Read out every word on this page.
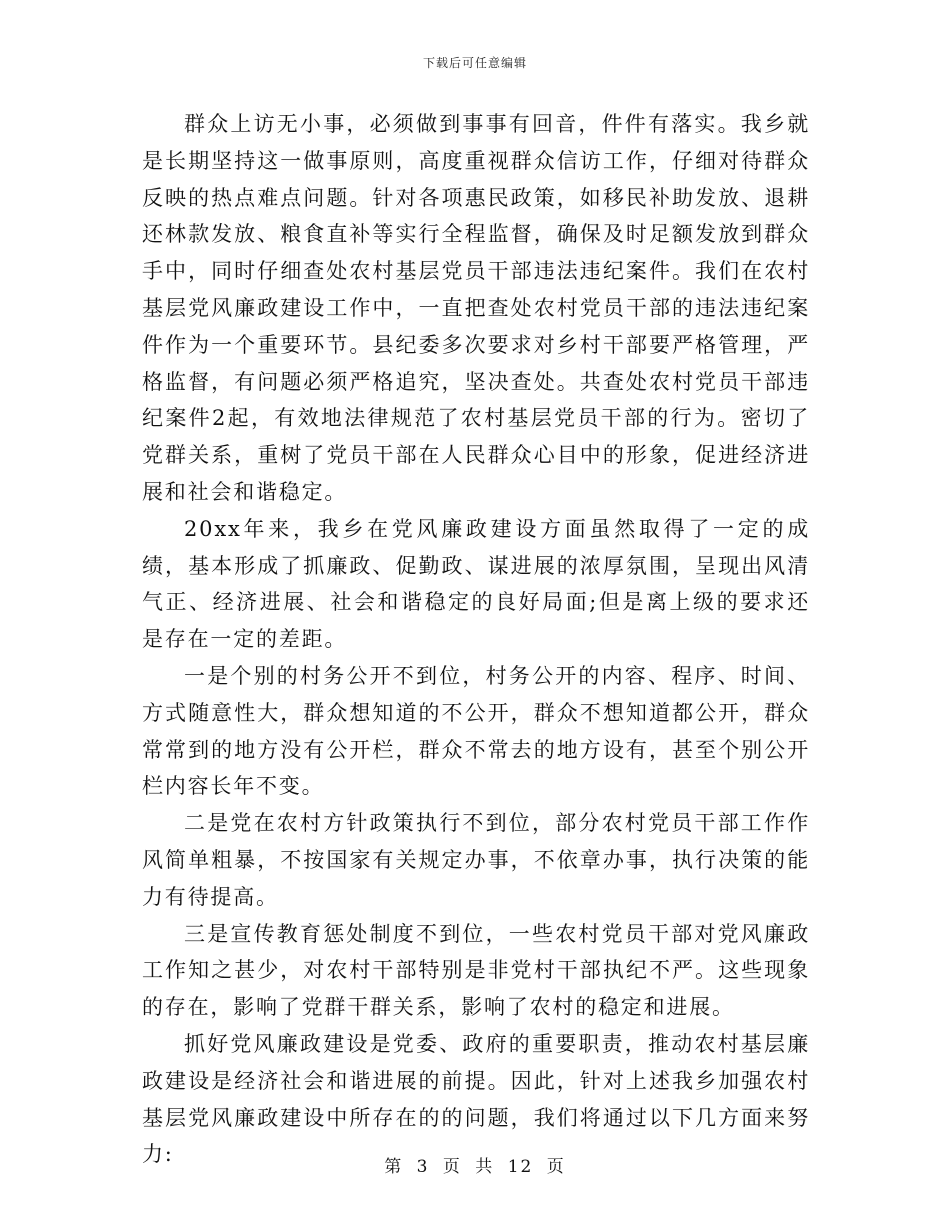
下载后可任意编辑

群众上访无小事，必须做到事事有回音，件件有落实。我乡就是长期坚持这一做事原则，高度重视群众信访工作，仔细对待群众反映的热点难点问题。针对各项惠民政策，如移民补助发放、退耕还林款发放、粮食直补等实行全程监督，确保及时足额发放到群众手中，同时仔细查处农村基层党员干部违法违纪案件。我们在农村基层党风廉政建设工作中，一直把查处农村党员干部的违法违纪案件作为一个重要环节。县纪委多次要求对乡村干部要严格管理，严格监督，有问题必须严格追究，坚决查处。共查处农村党员干部违纪案件2起，有效地法律规范了农村基层党员干部的行为。密切了党群关系，重树了党员干部在人民群众心目中的形象，促进经济进展和社会和谐稳定。

20xx年来，我乡在党风廉政建设方面虽然取得了一定的成绩，基本形成了抓廉政、促勤政、谋进展的浓厚氛围，呈现出风清气正、经济进展、社会和谐稳定的良好局面;但是离上级的要求还是存在一定的差距。

一是个别的村务公开不到位，村务公开的内容、程序、时间、方式随意性大，群众想知道的不公开，群众不想知道都公开，群众常常到的地方没有公开栏，群众不常去的地方设有，甚至个别公开栏内容长年不变。

二是党在农村方针政策执行不到位，部分农村党员干部工作作风简单粗暴，不按国家有关规定办事，不依章办事，执行决策的能力有待提高。

三是宣传教育惩处制度不到位，一些农村党员干部对党风廉政工作知之甚少，对农村干部特别是非党村干部执纪不严。这些现象的存在，影响了党群干群关系，影响了农村的稳定和进展。

抓好党风廉政建设是党委、政府的重要职责，推动农村基层廉政建设是经济社会和谐进展的前提。因此，针对上述我乡加强农村基层党风廉政建设中所存在的的问题，我们将通过以下几方面来努力:

第 3 页 共 12 页
